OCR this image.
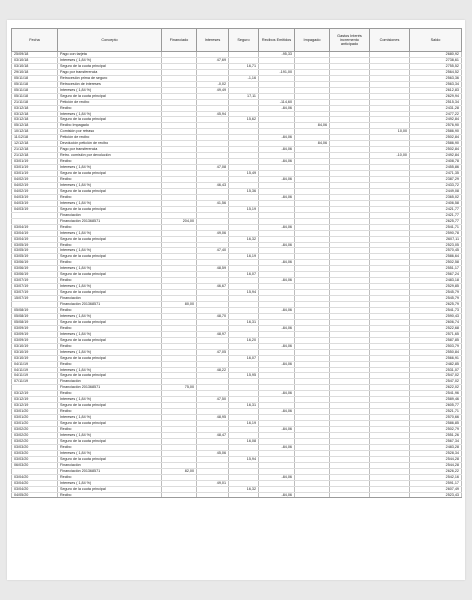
Fecha	Concepto	Financiado	Intereses	Seguro	Recibos Emitidos	Impagado	Gastos Interés incremento anticipado	Comisiones	Saldo
25/09/18	Pago con tarjeta				-95,33				2680,92
03/10/18	Intereses ( 1,84 %)		47,69						2738,61
03/10/18	Seguro de la cuota principal			16,71					2755,52
29/10/18	Pago por transferencia				-191,00				2564,52
05/11/18	Retrocesión prima de seguro			-1,16					2563,36
05/11/18	Retrocesión de intereses		-0,02						2563,34
05/11/18	Intereses ( 1,84 %)		49,49						2612,83
05/11/18	Seguro de la cuota principal			17,11					2629,94
21/11/18	Petición de recibo				-114,60				2515,34
03/12/18	Recibo				-84,06				2431,28
03/12/18	Intereses ( 1,84 %)		45,94						2477,22
03/12/18	Seguro de la cuota principal			15,62					2492,84
05/12/18	Recibo Impagado					84,06			2576,90
10/12/18	Comisión por retraso							10,00	2586,90
11/12/18	Petición de recibo				-84,06				2502,84
12/12/18	Devolución petición de recibo					84,06			2586,90
21/12/18	Pago por transferencia				-84,06				2502,84
21/12/18	Retro. comisión por devolución							-10,00	2492,84
03/01/19	Recibo				-84,06				2408,78
03/01/19	Intereses ( 1,84 %)		47,08						2455,86
03/01/19	Seguro de la cuota principal			15,49					2471,35
04/02/19	Recibo				-84,06				2387,29
04/02/19	Intereses ( 1,84 %)		46,43						2433,72
04/02/19	Seguro de la cuota principal			15,36					2449,08
04/03/19	Recibo				-84,06				2365,02
04/03/19	Intereses ( 1,84 %)		41,56						2406,58
04/03/19	Seguro de la cuota principal			15,19					2421,77
	Financiación								2421,77
	Financiación 201368571	204,00							2625,77
03/04/19	Recibo				-84,06				2541,71
03/04/19	Intereses ( 1,84 %)		49,06						2590,78
03/04/19	Seguro de la cuota principal			16,32					2607,11
03/05/19	Recibo				-84,06				2523,05
03/05/19	Intereses ( 1,84 %)		47,40						2570,45
03/05/19	Seguro de la cuota principal			16,19					2586,64
03/06/19	Recibo				-84,06				2502,58
03/06/19	Intereses ( 1,84 %)		48,59						2551,17
03/06/19	Seguro de la cuota principal			16,07					2567,24
03/07/19	Recibo				-84,06				2483,18
03/07/19	Intereses ( 1,84 %)		46,67						2529,85
03/07/19	Seguro de la cuota principal			15,94					2545,79
15/07/19	Financiación								2545,79
	Financiación 201368571	80,00							2625,79
05/08/19	Recibo				-84,06				2541,73
05/08/19	Intereses ( 1,84 %)		48,70						2590,43
05/08/19	Seguro de la cuota principal			16,31					2606,74
03/09/19	Recibo				-84,06				2522,68
03/09/19	Intereses ( 1,84 %)		48,97						2571,65
03/09/19	Seguro de la cuota principal			16,20					2587,85
03/10/19	Recibo				-84,06				2503,79
03/10/19	Intereses ( 1,84 %)		47,05						2550,84
03/10/19	Seguro de la cuota principal			16,07					2566,91
04/11/19	Recibo				-84,06				2482,85
04/11/19	Intereses ( 1,84 %)		48,22						2531,07
04/11/19	Seguro de la cuota principal			15,95					2547,02
07/11/19	Financiación								2547,02
	Financiación 201368571	75,00							2622,02
03/12/19	Recibo				-84,06				2541,96
03/12/19	Intereses ( 1,84 %)		47,50						2589,46
03/12/19	Seguro de la cuota principal			16,31					2605,77
03/01/20	Recibo				-84,06				2521,71
03/01/20	Intereses ( 1,84 %)		48,95						2570,66
03/01/20	Seguro de la cuota principal			16,19					2586,85
03/02/20	Recibo				-84,06				2502,79
03/02/20	Intereses ( 1,84 %)		48,47						2551,26
03/02/20	Seguro de la cuota principal			16,08					2567,34
03/03/20	Recibo				-84,06				2483,28
03/03/20	Intereses ( 1,84 %)		45,06						2528,34
03/03/20	Seguro de la cuota principal			15,94					2544,28
06/03/20	Financiación								2544,28
	Financiación 201368571	82,00							2626,22
03/04/20	Recibo				-84,06				2542,16
03/04/20	Intereses ( 1,84 %)		49,01						2591,17
03/04/20	Seguro de la cuota principal			16,32					2607,49
04/05/20	Recibo				-84,06				2523,43
